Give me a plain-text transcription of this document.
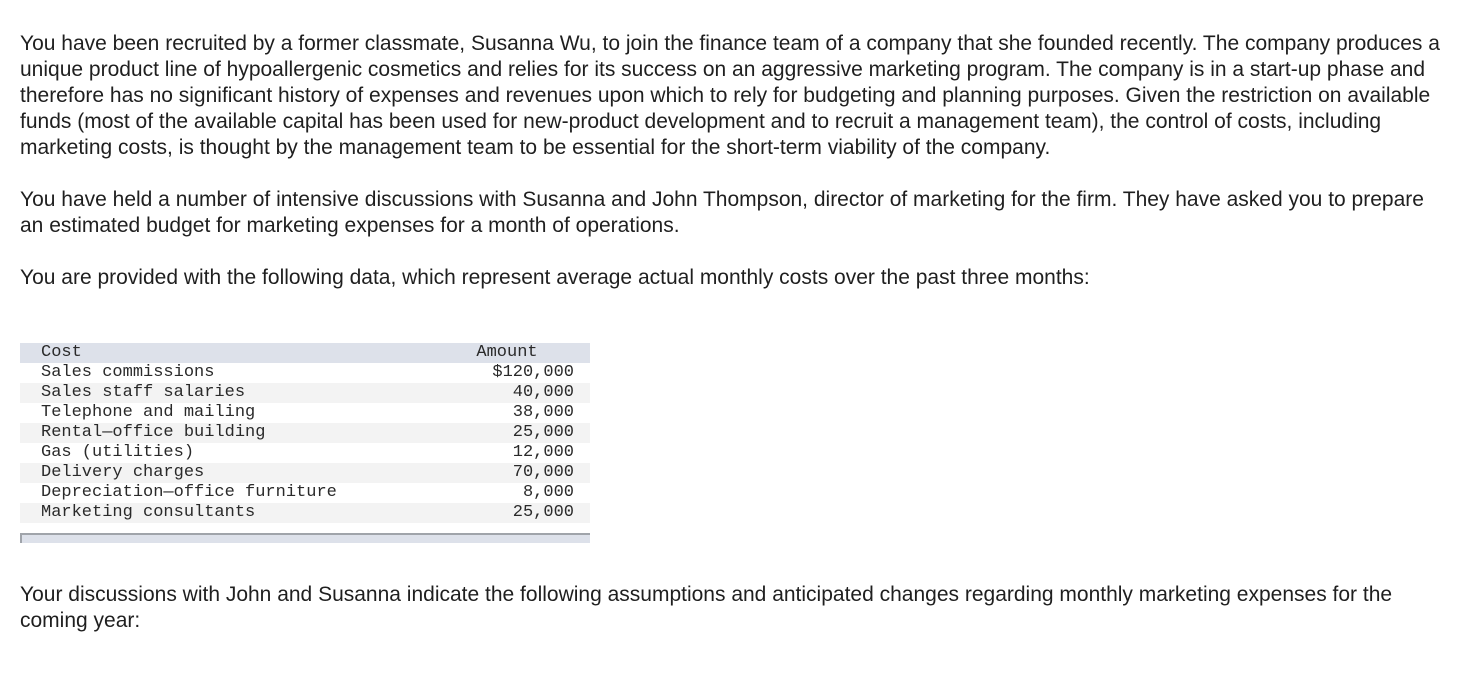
You have been recruited by a former classmate, Susanna Wu, to join the finance team of a company that she founded recently. The company produces a unique product line of hypoallergenic cosmetics and relies for its success on an aggressive marketing program. The company is in a start-up phase and therefore has no significant history of expenses and revenues upon which to rely for budgeting and planning purposes. Given the restriction on available funds (most of the available capital has been used for new-product development and to recruit a management team), the control of costs, including marketing costs, is thought by the management team to be essential for the short-term viability of the company.

You have held a number of intensive discussions with Susanna and John Thompson, director of marketing for the firm. They have asked you to prepare an estimated budget for marketing expenses for a month of operations.

You are provided with the following data, which represent average actual monthly costs over the past three months:

Cost	Amount
Sales commissions	$120,000
Sales staff salaries	40,000
Telephone and mailing	38,000
Rental—office building	25,000
Gas (utilities)	12,000
Delivery charges	70,000
Depreciation—office furniture	8,000
Marketing consultants	25,000

Your discussions with John and Susanna indicate the following assumptions and anticipated changes regarding monthly marketing expenses for the coming year:
